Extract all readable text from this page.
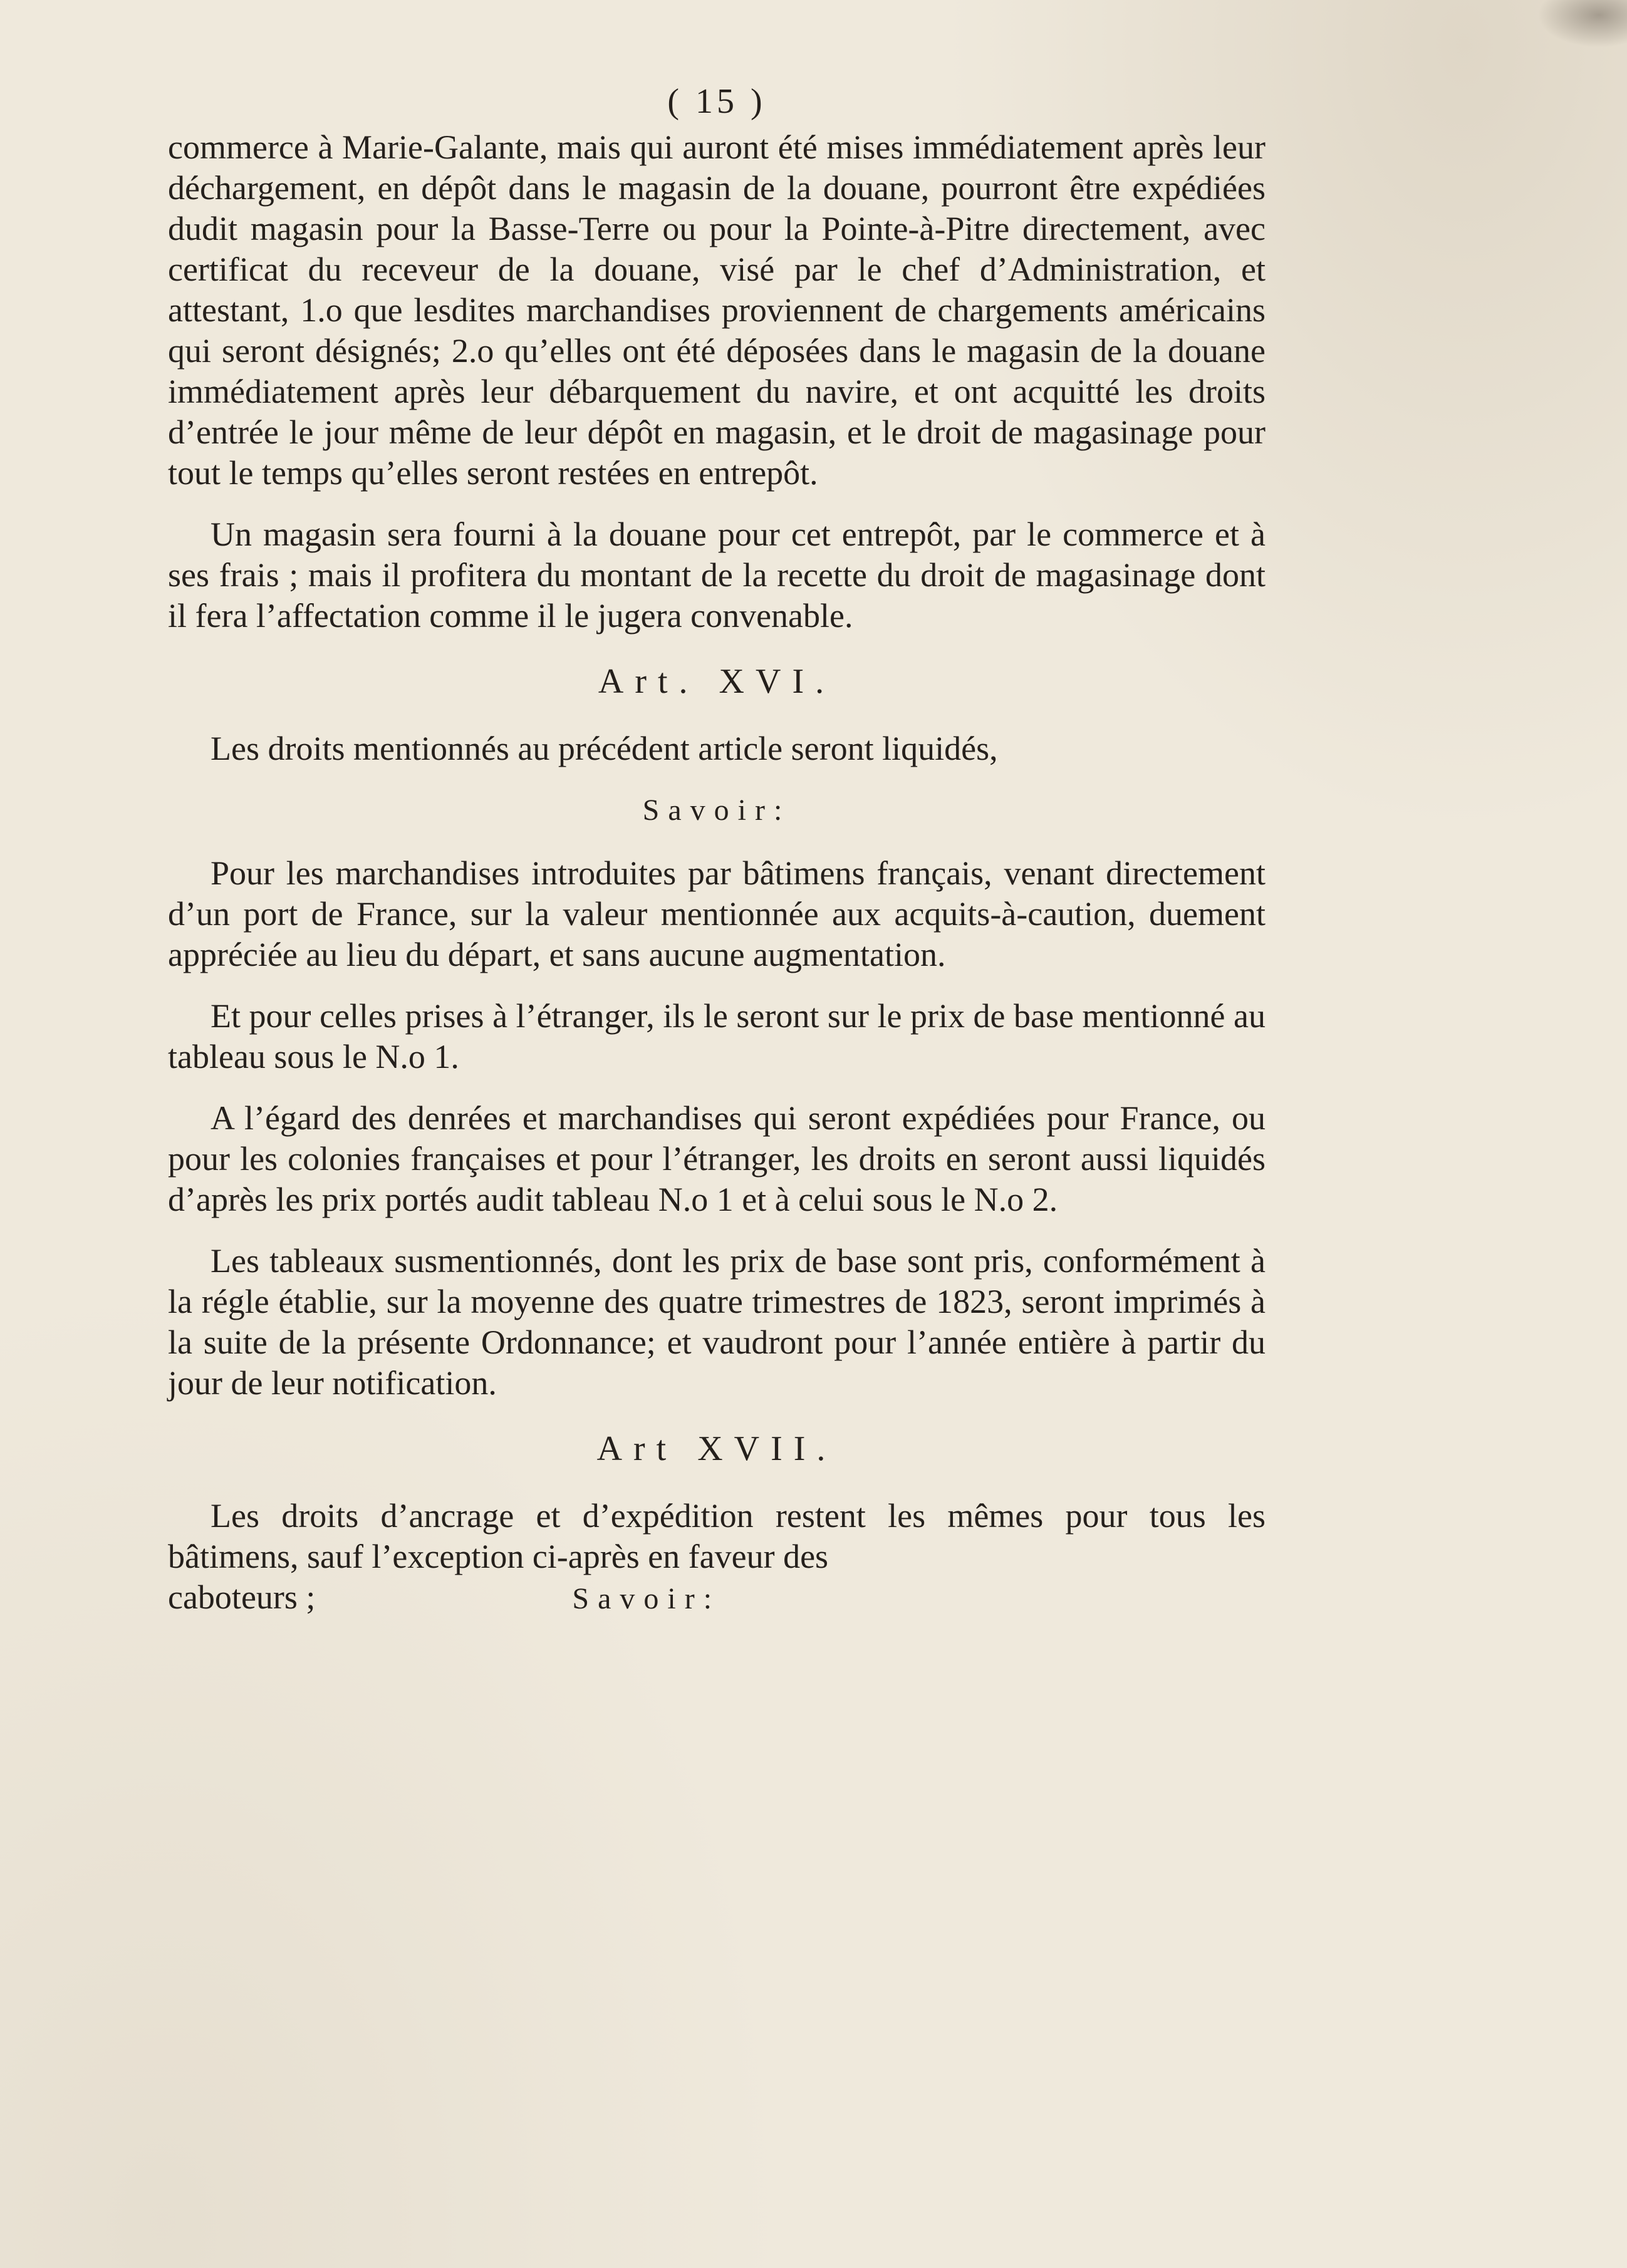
( 15 )

commerce à Marie-Galante, mais qui auront été mises immédiatement après leur déchargement, en dépôt dans le magasin de la douane, pourront être expédiées dudit magasin pour la Basse-Terre ou pour la Pointe-à-Pitre directement, avec certificat du receveur de la douane, visé par le chef d’Administration, et attestant, 1.o que lesdites marchandises proviennent de chargements américains qui seront désignés; 2.o qu’elles ont été déposées dans le magasin de la douane immédiatement après leur débarquement du navire, et ont acquitté les droits d’entrée le jour même de leur dépôt en magasin, et le droit de magasinage pour tout le temps qu’elles seront restées en entrepôt.

Un magasin sera fourni à la douane pour cet entrepôt, par le commerce et à ses frais ; mais il profitera du montant de la recette du droit de magasinage dont il fera l’affectation comme il le jugera convenable.

Art. XVI.

Les droits mentionnés au précédent article seront liquidés,

Savoir:

Pour les marchandises introduites par bâtimens français, venant directement d’un port de France, sur la valeur mentionnée aux acquits-à-caution, duement appréciée au lieu du départ, et sans aucune augmentation.

Et pour celles prises à l’étranger, ils le seront sur le prix de base mentionné au tableau sous le N.o 1.

A l’égard des denrées et marchandises qui seront expédiées pour France, ou pour les colonies françaises et pour l’étranger, les droits en seront aussi liquidés d’après les prix portés audit tableau N.o 1 et à celui sous le N.o 2.

Les tableaux susmentionnés, dont les prix de base sont pris, conformément à la régle établie, sur la moyenne des quatre trimestres de 1823, seront imprimés à la suite de la présente Ordonnance; et vaudront pour l’année entière à partir du jour de leur notification.

Art XVII.

Les droits d’ancrage et d’expédition restent les mêmes pour tous les bâtimens, sauf l’exception ci-après en faveur des

caboteurs ;	Savoir:
